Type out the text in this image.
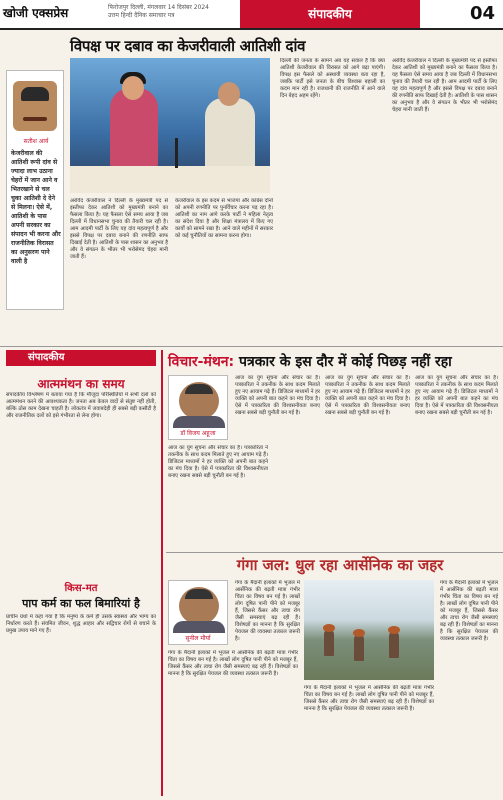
खोजी एक्सप्रेस	फिरोजपुर दिल्ली, मंगलवार 14 दिसंबर 2024
उत्तम हिन्दी दैनिक समाचार पत्र	संपादकीय	04
विपक्ष पर दबाव का केजरीवाली आतिशी दांव
सतीश आर्य
केजरीवाल की आतिशी रूपी दांव से ज्यादा लाभ उठाना चेहरों में जान आने व भितरखाने से चल चुका आतिशी दे देने से मिलना। ऐसे में, आतिशी के पास अपनी सरकार का संपादन भी करना और राजनीतिक विरासत का अनुसरण पाने वाली है

अरविंद केजरीवाल ने दिल्ली के मुख्यमंत्री पद से इस्तीफा देकर आतिशी को मुख्यमंत्री बनाने का फैसला किया है। यह फैसला ऐसे समय आया है जब दिल्ली में विधानसभा चुनाव की तैयारी चल रही है। आम आदमी पार्टी के लिए यह दांव महत्वपूर्ण है और इससे विपक्ष पर दबाव बनाने की रणनीति साफ दिखाई देती है। आतिशी के पास शासन का अनुभव है और वे संगठन के भीतर भी भरोसेमंद चेहरा मानी जाती हैं।

केजरीवाल के इस कदम से भाजपा और कांग्रेस दोनों को अपनी रणनीति पर पुनर्विचार करना पड़ रहा है। आतिशी का नाम आगे करके पार्टी ने महिला नेतृत्व का संदेश दिया है और शिक्षा मंत्रालय में किए गए कार्यों को सामने रखा है। आने वाले महीनों में सरकार को कई चुनौतियों का सामना करना होगा।

दिल्ली की जनता के सामने अब यह सवाल है कि क्या आतिशी केजरीवाल की विरासत को आगे बढ़ा पाएंगी। विपक्ष इस फैसले को अस्थायी व्यवस्था बता रहा है, जबकि पार्टी इसे जनता के बीच विश्वास बहाली का कदम मान रही है। राजधानी की राजनीति में आने वाले दिन बेहद अहम रहेंगे।

अरविंद केजरीवाल ने दिल्ली के मुख्यमंत्री पद से इस्तीफा देकर आतिशी को मुख्यमंत्री बनाने का फैसला किया है। यह फैसला ऐसे समय आया है जब दिल्ली में विधानसभा चुनाव की तैयारी चल रही है। आम आदमी पार्टी के लिए यह दांव महत्वपूर्ण है और इससे विपक्ष पर दबाव बनाने की रणनीति साफ दिखाई देती है। आतिशी के पास शासन का अनुभव है और वे संगठन के भीतर भी भरोसेमंद चेहरा मानी जाती हैं।

संपादकीय
आत्ममंथन का समय

संपादकीय विश्लेषण में बताया गया है कि मौजूदा परिस्थितियों में सभी दलों को आत्ममंथन करने की आवश्यकता है। जनता अब केवल वादों से संतुष्ट नहीं होती, बल्कि ठोस काम देखना चाहती है। लोकतंत्र में जवाबदेही ही सबसे बड़ी कसौटी है और राजनीतिक दलों को इसे गंभीरता से लेना होगा।

किस-मत
पाप कर्म का फल बिमारियां है

प्राचीन ग्रंथों में कहा गया है कि मनुष्य के कर्म ही उसके स्वास्थ्य और भाग्य का निर्धारण करते हैं। संयमित जीवन, शुद्ध आहार और सद्विचार रोगों से बचाने के प्रमुख उपाय माने गए हैं।

विचार-मंथन: पत्रकार के इस दौर में कोई पिछड़ नहीं रहा
डॉ विजय अहूजा

आज का युग सूचना और संचार का है। पत्रकारिता ने तकनीक के साथ कदम मिलाते हुए नए आयाम गढ़े हैं। डिजिटल माध्यमों ने हर व्यक्ति को अपनी बात कहने का मंच दिया है। ऐसे में पत्रकारिता की विश्वसनीयता बनाए रखना सबसे बड़ी चुनौती बन गई है।

आज का युग सूचना और संचार का है। पत्रकारिता ने तकनीक के साथ कदम मिलाते हुए नए आयाम गढ़े हैं। डिजिटल माध्यमों ने हर व्यक्ति को अपनी बात कहने का मंच दिया है। ऐसे में पत्रकारिता की विश्वसनीयता बनाए रखना सबसे बड़ी चुनौती बन गई है।

आज का युग सूचना और संचार का है। पत्रकारिता ने तकनीक के साथ कदम मिलाते हुए नए आयाम गढ़े हैं। डिजिटल माध्यमों ने हर व्यक्ति को अपनी बात कहने का मंच दिया है। ऐसे में पत्रकारिता की विश्वसनीयता बनाए रखना सबसे बड़ी चुनौती बन गई है।

आज का युग सूचना और संचार का है। पत्रकारिता ने तकनीक के साथ कदम मिलाते हुए नए आयाम गढ़े हैं। डिजिटल माध्यमों ने हर व्यक्ति को अपनी बात कहने का मंच दिया है। ऐसे में पत्रकारिता की विश्वसनीयता बनाए रखना सबसे बड़ी चुनौती बन गई है।

गंगा जल: धुल रहा आर्सेनिक का जहर
सुनील मौर्या

गंगा के मैदानी इलाकों में भूजल में आर्सेनिक की बढ़ती मात्रा गंभीर चिंता का विषय बन गई है। लाखों लोग दूषित पानी पीने को मजबूर हैं, जिससे कैंसर और त्वचा रोग जैसी समस्याएं बढ़ रही हैं। विशेषज्ञों का मानना है कि सुरक्षित पेयजल की व्यवस्था तत्काल जरूरी है।

गंगा के मैदानी इलाकों में भूजल में आर्सेनिक की बढ़ती मात्रा गंभीर चिंता का विषय बन गई है। लाखों लोग दूषित पानी पीने को मजबूर हैं, जिससे कैंसर और त्वचा रोग जैसी समस्याएं बढ़ रही हैं। विशेषज्ञों का मानना है कि सुरक्षित पेयजल की व्यवस्था तत्काल जरूरी है।

गंगा के मैदानी इलाकों में भूजल में आर्सेनिक की बढ़ती मात्रा गंभीर चिंता का विषय बन गई है। लाखों लोग दूषित पानी पीने को मजबूर हैं, जिससे कैंसर और त्वचा रोग जैसी समस्याएं बढ़ रही हैं। विशेषज्ञों का मानना है कि सुरक्षित पेयजल की व्यवस्था तत्काल जरूरी है।

गंगा के मैदानी इलाकों में भूजल में आर्सेनिक की बढ़ती मात्रा गंभीर चिंता का विषय बन गई है। लाखों लोग दूषित पानी पीने को मजबूर हैं, जिससे कैंसर और त्वचा रोग जैसी समस्याएं बढ़ रही हैं। विशेषज्ञों का मानना है कि सुरक्षित पेयजल की व्यवस्था तत्काल जरूरी है।
